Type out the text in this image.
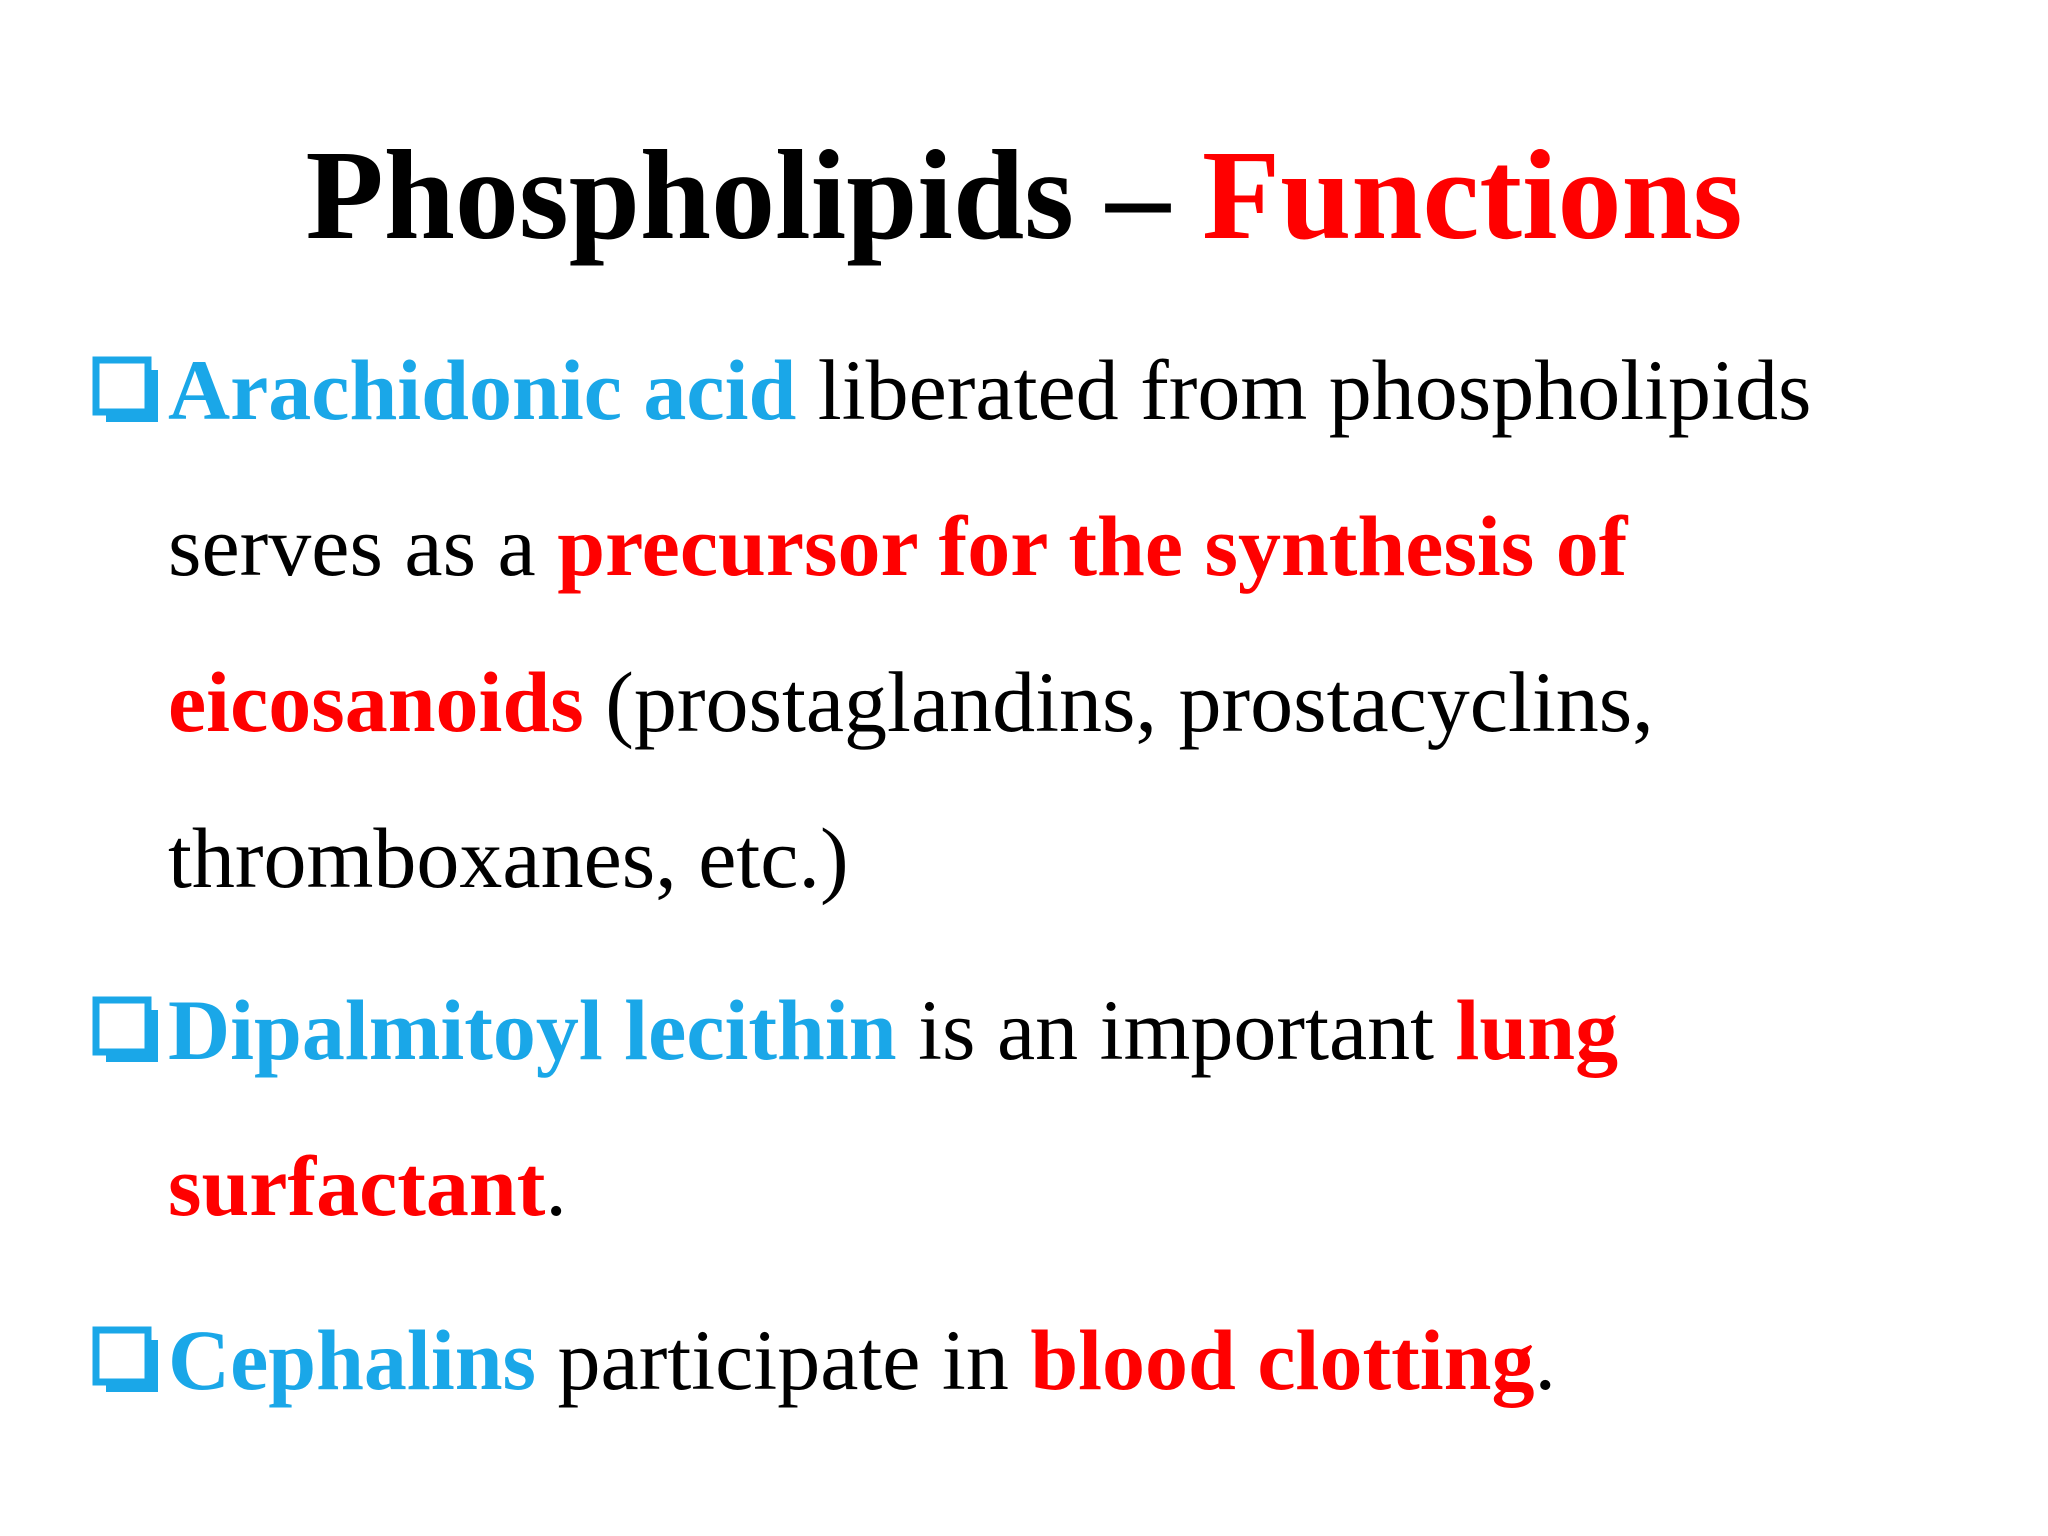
Phospholipids – Functions
Arachidonic acid liberated from phospholipids
serves as a precursor for the synthesis of
eicosanoids (prostaglandins, prostacyclins,
thromboxanes, etc.)
Dipalmitoyl lecithin is an important lung
surfactant.
Cephalins participate in blood clotting.
